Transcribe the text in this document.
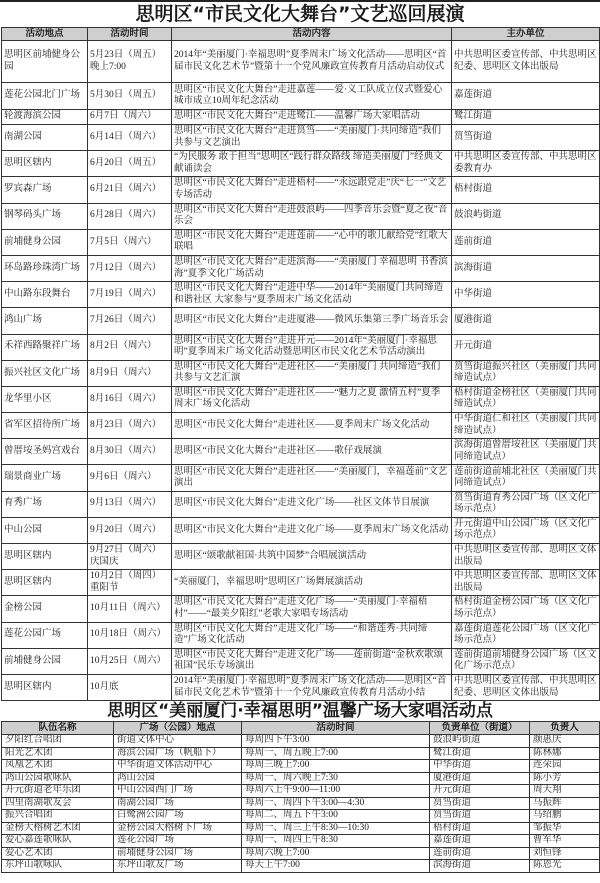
思明区“市民文化大舞台”文艺巡回展演
活动地点	活动时间	活动内容	主办单位
思明区前埔健身公园	5月23日（周五）晚上7:00	2014年“美丽厦门·幸福思明”夏季周末广场文化活动——思明区“首届市民文化艺术节”暨第十一个党风廉政宣传教育月活动启动仪式	中共思明区委宣传部、中共思明区纪委、思明区文体出版局
莲花公园北门广场	5月30日（周五）	思明区“市民文化大舞台”走进嘉莲——爱·义工队成立仪式暨爱心城市成立10周年纪念活动	嘉莲街道
轮渡海滨公园	6月7日（周六）	思明区“市民文化大舞台”走进鹭江——温馨广场大家唱活动	鹭江街道
南湖公园	6月14日（周六）	思明区“市民文化大舞台”走进筼筜——“美丽厦门·共同缔造”我们共参与文艺演出	筼筜街道
思明区辖内	6月20日（周五）	“为民服务 敢于担当”思明区“践行群众路线 缔造美丽厦门”经典文献诵读会	中共思明区委宣传部、中共思明区委教育办
罗宾森广场	6月21日（周六）	思明区“市民文化大舞台”走进梧村——“永远跟党走”庆“七一”文艺专场活动	梧村街道
钢琴码头广场	6月28日（周六）	思明区“市民文化大舞台”走进鼓浪屿——四季音乐会暨“夏之夜”音乐会	鼓浪屿街道
前埔健身公园	7月5日（周六）	思明区“市民文化大舞台”走进莲前——“心中的歌儿献给党”红歌大联唱	莲前街道
环岛路珍珠湾广场	7月12日（周六）	思明区“市民文化大舞台”走进滨海——“美丽厦门 幸福思明 书香滨海”夏季文化广场活动	滨海街道
中山路东段舞台	7月19日（周六）	思明区“市民文化大舞台”走进中华——2014年“美丽厦门共同缔造和谐社区 大家参与”夏季周末广场文化活动	中华街道
鸿山广场	7月26日（周六）	思明区“市民文化大舞台”走进厦港——微风乐集第三季广场音乐会	厦港街道
禾祥西路聚祥广场	8月2日（周六）	思明区“市民文化大舞台”走进开元——2014年“美丽厦门·幸福思明”夏季周末广场文化活动暨思明区市民文化艺术节活动演出	开元街道
振兴社区文化广场	8月9日（周六）	思明区“市民文化大舞台”走进社区——“美丽厦门 共同缔造”我们共参与文艺汇演	筼筜街道振兴社区（美丽厦门共同缔造试点）
龙华里小区	8月16日（周六）	思明区“市民文化大舞台”走进社区——“魅力之夏 激情五村”夏季周末广场文化活动	梧村街道金榜社区（美丽厦门共同缔造试点）
省军区招待所广场	8月23日（周六）	思明区“市民文化大舞台”走进社区——夏季周末广场文化活动	中华街道仁和社区（美丽厦门共同缔造试点）
曾厝垵圣妈宫戏台	8月30日（周六）	思明区“市民文化大舞台”走进社区——歌仔戏展演	滨海街道曾厝垵社区（美丽厦门共同缔造试点）
瑞景商业广场	9月6日（周六）	思明区“市民文化大舞台”走进社区——“美丽厦门，幸福莲前”文艺演出	莲前街道前埔北社区（美丽厦门共同缔造试点）
育秀广场	9月13日（周六）	思明区“市民文化大舞台”走进文化广场——社区文体节目展演	筼筜街道育秀公园广场（区文化广场示范点）
中山公园	9月20日（周六）	思明区“市民文化大舞台”走进文化广场——夏季周末广场文化活动	开元街道中山公园广场（区文化广场示范点）
思明区辖内	9月27日（周六）庆国庆	思明区“颂歌献祖国·共筑中国梦”合唱展演活动	中共思明区委宣传部、思明区文体出版局
思明区辖内	10月2日（周四）重阳节	“美丽厦门，幸福思明”思明区广场舞展演活动	中共思明区委宣传部、思明区文体出版局
金榜公园	10月11日（周六）	思明区“市民文化大舞台”走进文化广场——“美丽厦门·幸福梧村”——“最美夕阳红”老歌大家唱专场活动	梧村街道金榜公园广场（区文化广场示范点）
莲花公园广场	10月18日（周六）	思明区“市民文化大舞台”走进文化广场——“和谐莲秀·共同缔造”广场文化活动	嘉莲街道莲花公园广场（区文化广场示范点）
前埔健身公园	10月25日（周六）	思明区“市民文化大舞台”走进文化广场——莲前街道“金秋欢歌颂祖国”民乐专场演出	莲前街道前埔健身公园广场（区文化广场示范点）
思明区辖内	10月底	2014年“美丽厦门·幸福思明”夏季周末广场文化活动——思明区“首届市民文化艺术节”暨第十一个党风廉政宣传教育月活动小结	中共思明区委宣传部、中共思明区纪委、思明区文体出版局
思明区“美丽厦门·幸福思明”温馨广场大家唱活动点
队伍名称	广场（公园）地点	活动时间	负责单位（街道）	负责人
夕阳红合唱团	街道文体中心	每周四下午3:00	鼓浪屿街道	颜惠庆
阳光艺术团	海滨公园广场（帆船下）	每周一、周五晚上7:00	鹭江街道	陈林娜
凤凰艺术团	中华街道文体活动中心	每周三晚上7:00	中华街道	连荣园
鸿山公园歌咏队	鸿山公园	每周一、周六晚上7:30	厦港街道	陈小芳
开元街道老年乐团	中山公园西门广场	每周六上午9:00—11:00	开元街道	周天翔
四里南湖歌友会	南湖公园广场	每周一、周四下午3:00—4:30	筼筜街道	马振辉
振兴合唱团	白鹭洲公园广场	每周二、周五下午3:00	筼筜街道	马绍鹏
金榜大榕树艺术团	金榜公园大榕树下广场	每周一、周三上午8:30—10:30	梧村街道	邹振华
爱心嘉莲歌咏队	莲花公园广场	每周一、周四上午8:30	嘉莲街道	曹军华
爱心艺术团	前埔健身公园广场	每周六晚上7:00	莲前街道	刘恒锋
东坪山歌咏队	东坪山歌友广场	每天上午7:00	滨海街道	陈恩光
